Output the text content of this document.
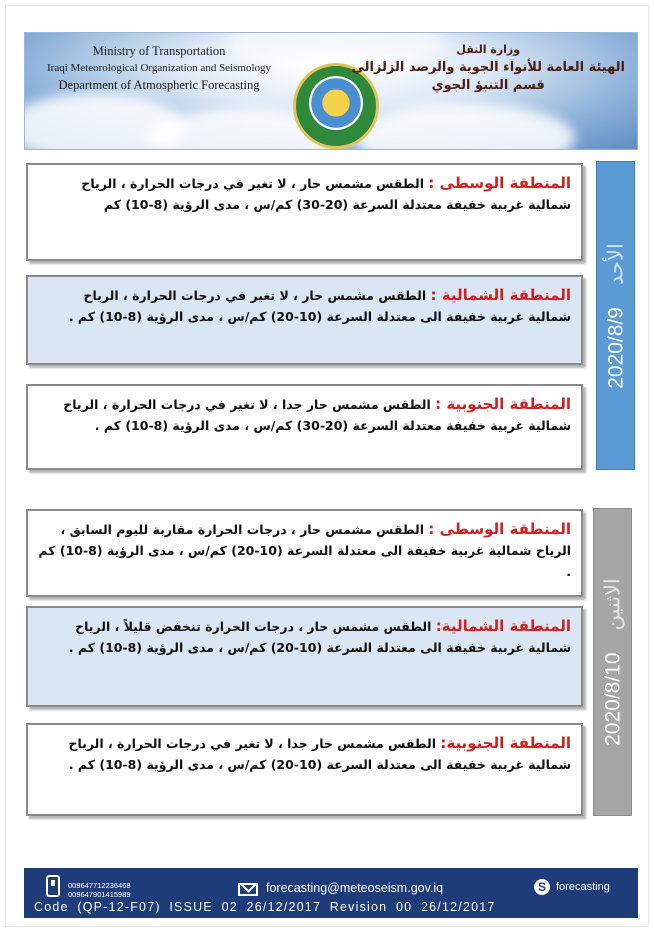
Ministry of Transportation
Iraqi Meteorological Organization and Seismology
Department of Atmospheric Forecasting
وزارة النقل
الهيئة العامة للأنواء الجوية والرصد الزلزالي
قسم التنبؤ الجوي
2020/8/9الأحد
المنطقة الوسطى : الطقس مشمس حار ، لا تغير في درجات الحرارة ، الرياح شمالية غربية خفيفة معتدلة السرعة (20-30) كم/س ، مدى الرؤية (8-10) كم
المنطقة الشمالية : الطقس مشمس حار ، لا تغير في درجات الحرارة ، الرياح شمالية غربية خفيفة الى معتدلة السرعة (10-20) كم/س ، مدى الرؤية (8-10) كم .
المنطقة الجنوبية : الطقس مشمس حار جدا ، لا تغير في درجات الحرارة ، الرياح شمالية غربية خفيفة معتدلة السرعة (20-30) كم/س ، مدى الرؤية (8-10) كم .
2020/8/10الاثنين
المنطقة الوسطى : الطقس مشمس حار ، درجات الحرارة مقاربة لليوم السابق ، الرياح شمالية غربية خفيفة الى معتدلة السرعة (10-20) كم/س ، مدى الرؤية (8-10) كم .
المنطقة الشمالية: الطقس مشمس حار ، درجات الحرارة تنخفض قليلاً ، الرياح شمالية غربية خفيفة الى معتدلة السرعة (10-20) كم/س ، مدى الرؤية (8-10) كم .
المنطقة الجنوبية: الطقس مشمس حار جدا ، لا تغير في درجات الحرارة ، الرياح شمالية غربية خفيفة الى معتدلة السرعة (10-20) كم/س ، مدى الرؤية (8-10) كم .
009647712236468
009647901415989	forecasting@meteoseism.gov.iq	S forecasting
Code (QP-12-F07) ISSUE 02 26/12/2017 Revision 00 26/12/2017
